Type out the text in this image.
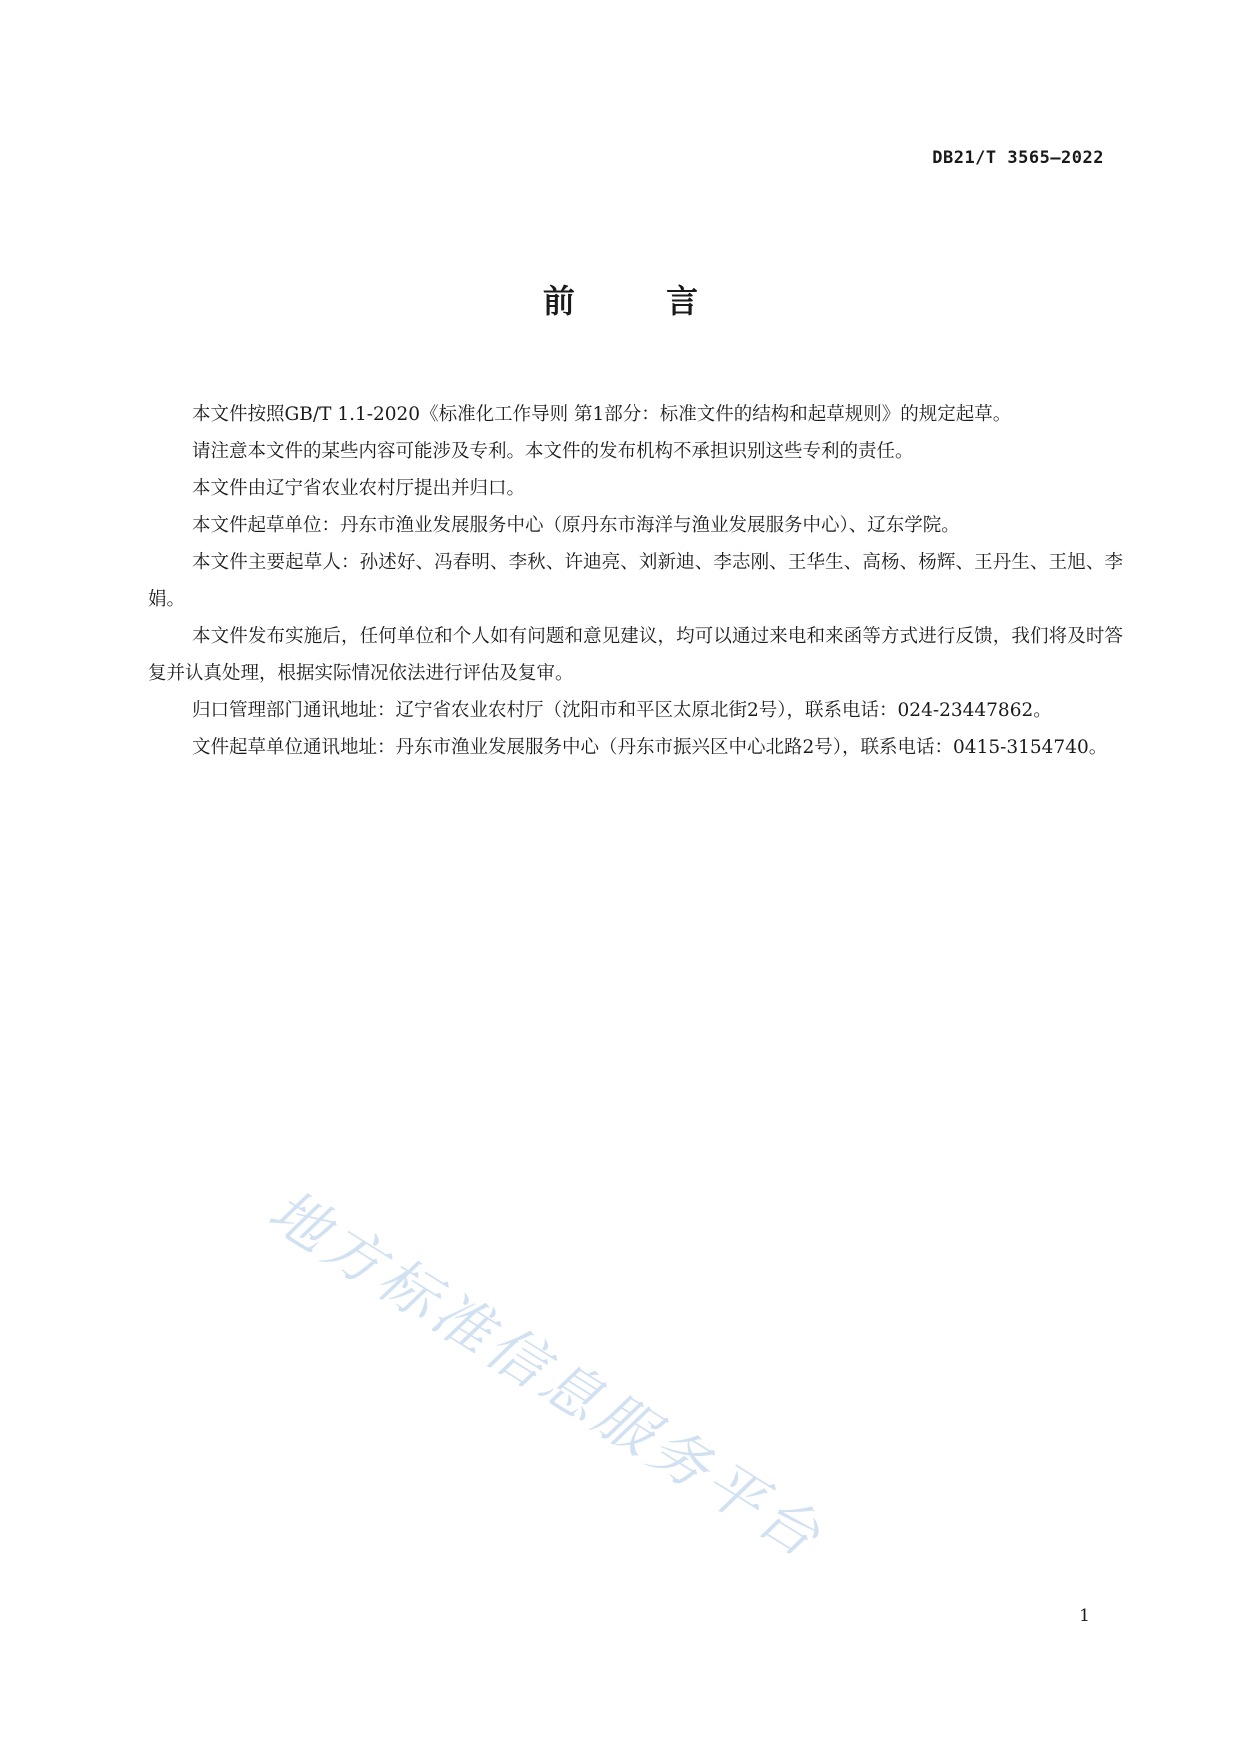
DB21/T 3565—2022
前 言

本文件按照GB/T 1.1-2020《标准化工作导则 第1部分：标准文件的结构和起草规则》的规定起草。

请注意本文件的某些内容可能涉及专利。本文件的发布机构不承担识别这些专利的责任。

本文件由辽宁省农业农村厅提出并归口。

本文件起草单位：丹东市渔业发展服务中心（原丹东市海洋与渔业发展服务中心）、辽东学院。

本文件主要起草人：孙述好、冯春明、李秋、许迪亮、刘新迪、李志刚、王华生、高杨、杨辉、王丹生、王旭、李娟。

本文件发布实施后，任何单位和个人如有问题和意见建议，均可以通过来电和来函等方式进行反馈，我们将及时答复并认真处理，根据实际情况依法进行评估及复审。

归口管理部门通讯地址：辽宁省农业农村厅（沈阳市和平区太原北街2号），联系电话：024-23447862。

文件起草单位通讯地址：丹东市渔业发展服务中心（丹东市振兴区中心北路2号），联系电话：0415-3154740。

地方标准信息服务平台
1
